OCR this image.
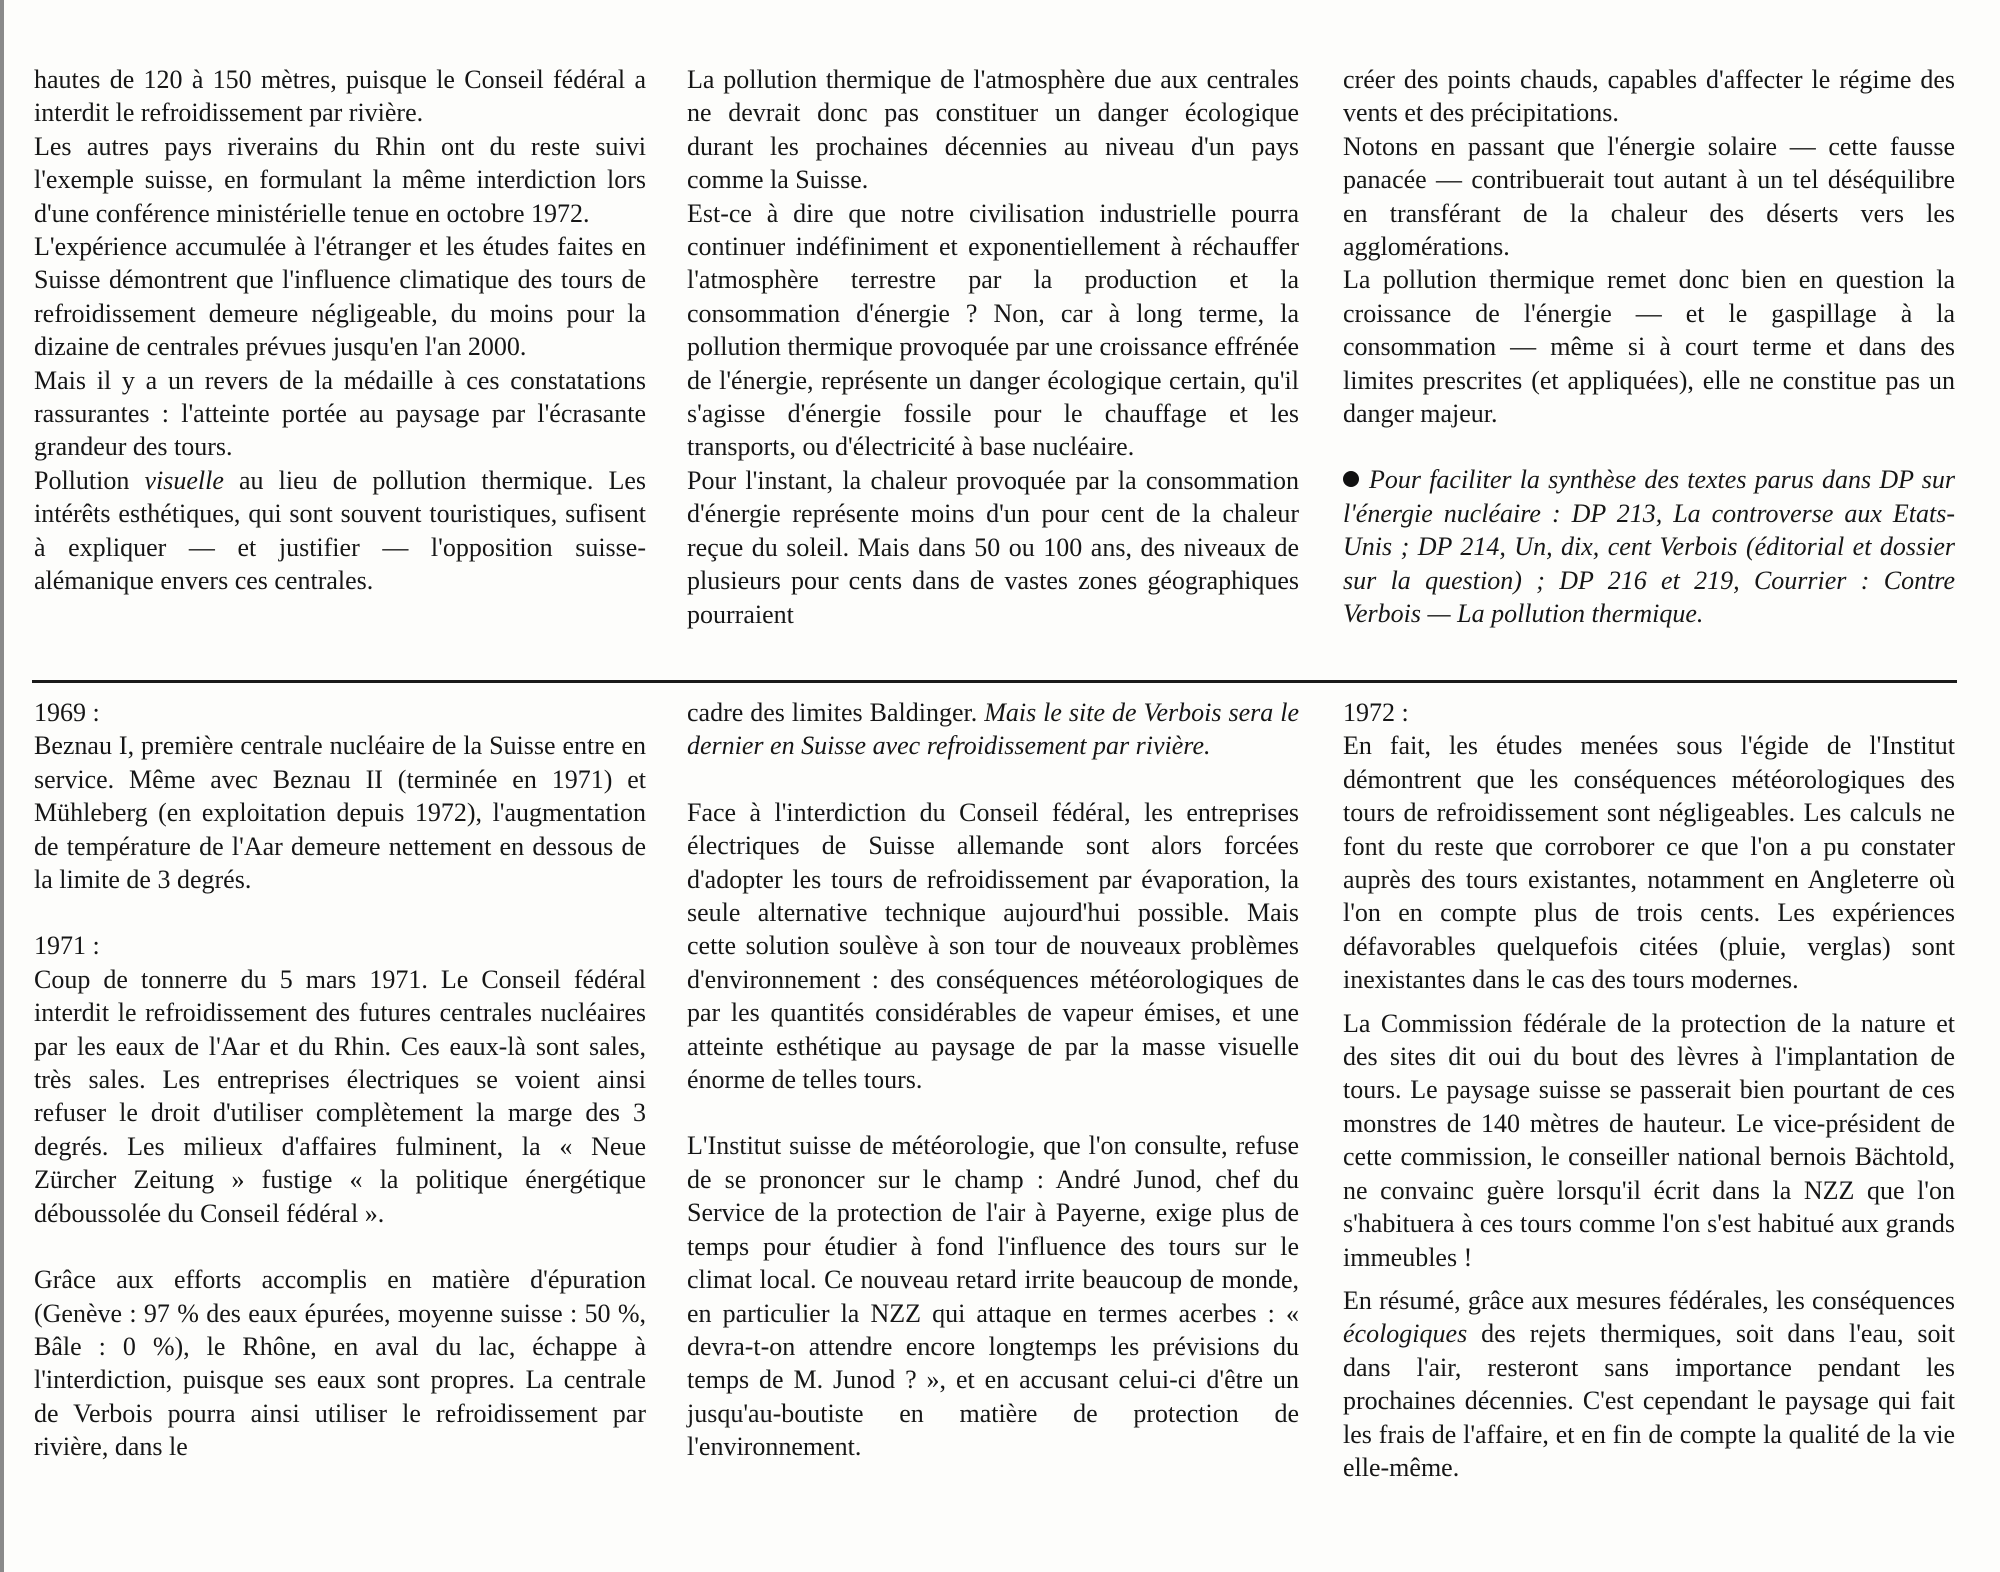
hautes de 120 à 150 mètres, puisque le Conseil fédéral a interdit le refroidissement par rivière.

Les autres pays riverains du Rhin ont du reste suivi l'exemple suisse, en formulant la même interdiction lors d'une conférence ministérielle tenue en octobre 1972.

L'expérience accumulée à l'étranger et les études faites en Suisse démontrent que l'influence climatique des tours de refroidissement demeure négligeable, du moins pour la dizaine de centrales prévues jusqu'en l'an 2000.

Mais il y a un revers de la médaille à ces constatations rassurantes : l'atteinte portée au paysage par l'écrasante grandeur des tours.

Pollution visuelle au lieu de pollution thermique. Les intérêts esthétiques, qui sont souvent touristiques, sufisent à expliquer — et justifier — l'opposition suisse-alémanique envers ces centrales.

La pollution thermique de l'atmosphère due aux centrales ne devrait donc pas constituer un danger écologique durant les prochaines décennies au niveau d'un pays comme la Suisse.

Est-ce à dire que notre civilisation industrielle pourra continuer indéfiniment et exponentiellement à réchauffer l'atmosphère terrestre par la production et la consommation d'énergie ? Non, car à long terme, la pollution thermique provoquée par une croissance effrénée de l'énergie, représente un danger écologique certain, qu'il s'agisse d'énergie fossile pour le chauffage et les transports, ou d'électricité à base nucléaire.

Pour l'instant, la chaleur provoquée par la consommation d'énergie représente moins d'un pour cent de la chaleur reçue du soleil. Mais dans 50 ou 100 ans, des niveaux de plusieurs pour cents dans de vastes zones géographiques pourraient

créer des points chauds, capables d'affecter le régime des vents et des précipitations.

Notons en passant que l'énergie solaire — cette fausse panacée — contribuerait tout autant à un tel déséquilibre en transférant de la chaleur des déserts vers les agglomérations.

La pollution thermique remet donc bien en question la croissance de l'énergie — et le gaspillage à la consommation — même si à court terme et dans des limites prescrites (et appliquées), elle ne constitue pas un danger majeur.

Pour faciliter la synthèse des textes parus dans DP sur l'énergie nucléaire : DP 213, La controverse aux Etats-Unis ; DP 214, Un, dix, cent Verbois (éditorial et dossier sur la question) ; DP 216 et 219, Courrier : Contre Verbois — La pollution thermique.

1969 :

Beznau I, première centrale nucléaire de la Suisse entre en service. Même avec Beznau II (terminée en 1971) et Mühleberg (en exploitation depuis 1972), l'augmentation de température de l'Aar demeure nettement en dessous de la limite de 3 degrés.

1971 :

Coup de tonnerre du 5 mars 1971. Le Conseil fédéral interdit le refroidissement des futures centrales nucléaires par les eaux de l'Aar et du Rhin. Ces eaux-là sont sales, très sales. Les entreprises électriques se voient ainsi refuser le droit d'utiliser complètement la marge des 3 degrés. Les milieux d'affaires fulminent, la « Neue Zürcher Zeitung » fustige « la politique énergétique déboussolée du Conseil fédéral ».

Grâce aux efforts accomplis en matière d'épuration (Genève : 97 % des eaux épurées, moyenne suisse : 50 %, Bâle : 0 %), le Rhône, en aval du lac, échappe à l'interdiction, puisque ses eaux sont propres. La centrale de Verbois pourra ainsi utiliser le refroidissement par rivière, dans le

cadre des limites Baldinger. Mais le site de Verbois sera le dernier en Suisse avec refroidissement par rivière.

Face à l'interdiction du Conseil fédéral, les entreprises électriques de Suisse allemande sont alors forcées d'adopter les tours de refroidissement par évaporation, la seule alternative technique aujourd'hui possible. Mais cette solution soulève à son tour de nouveaux problèmes d'environnement : des conséquences météorologiques de par les quantités considérables de vapeur émises, et une atteinte esthétique au paysage de par la masse visuelle énorme de telles tours.

L'Institut suisse de météorologie, que l'on consulte, refuse de se prononcer sur le champ : André Junod, chef du Service de la protection de l'air à Payerne, exige plus de temps pour étudier à fond l'influence des tours sur le climat local. Ce nouveau retard irrite beaucoup de monde, en particulier la NZZ qui attaque en termes acerbes : « devra-t-on attendre encore longtemps les prévisions du temps de M. Junod ? », et en accusant celui-ci d'être un jusqu'au-boutiste en matière de protection de l'environnement.

1972 :

En fait, les études menées sous l'égide de l'Institut démontrent que les conséquences météorologiques des tours de refroidissement sont négligeables. Les calculs ne font du reste que corroborer ce que l'on a pu constater auprès des tours existantes, notamment en Angleterre où l'on en compte plus de trois cents. Les expériences défavorables quelquefois citées (pluie, verglas) sont inexistantes dans le cas des tours modernes.

La Commission fédérale de la protection de la nature et des sites dit oui du bout des lèvres à l'implantation de tours. Le paysage suisse se passerait bien pourtant de ces monstres de 140 mètres de hauteur. Le vice-président de cette commission, le conseiller national bernois Bächtold, ne convainc guère lorsqu'il écrit dans la NZZ que l'on s'habituera à ces tours comme l'on s'est habitué aux grands immeubles !

En résumé, grâce aux mesures fédérales, les conséquences écologiques des rejets thermiques, soit dans l'eau, soit dans l'air, resteront sans importance pendant les prochaines décennies. C'est cependant le paysage qui fait les frais de l'affaire, et en fin de compte la qualité de la vie elle-même.
